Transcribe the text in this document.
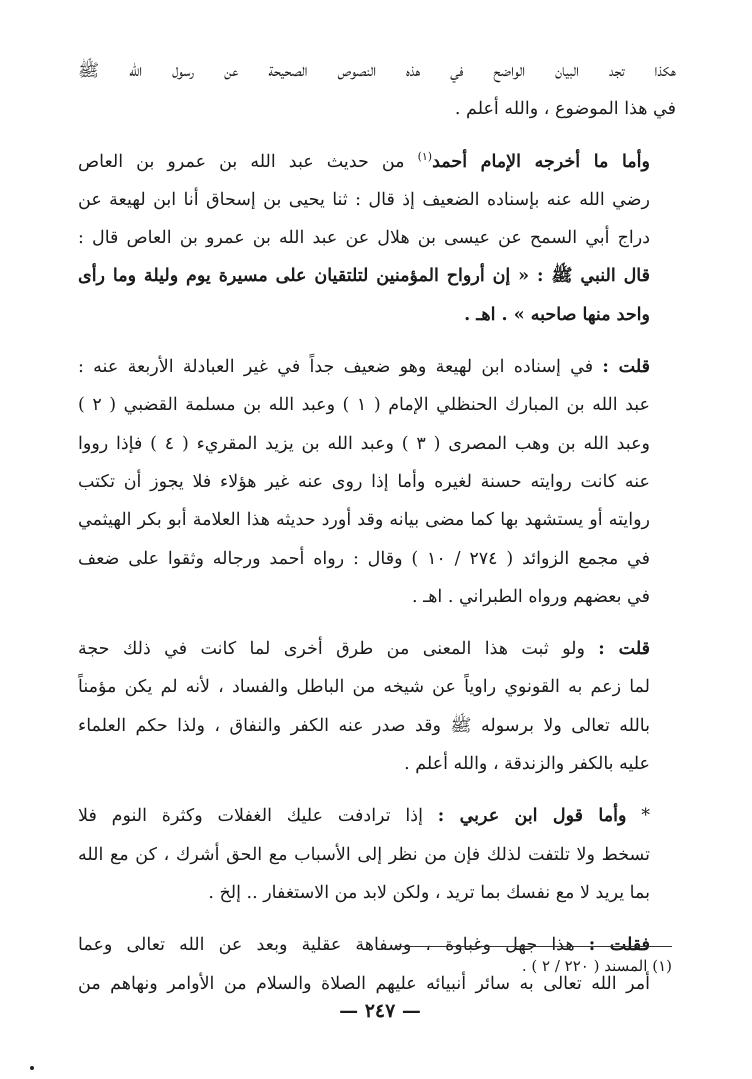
هكذا تجد البيان الواضح في هذه النصوص الصحيحة عن رسول الله ﷺ
في هذا الموضوع ، والله أعلم .
وأما ما أخرجه الإمام أحمد$^{(١)}$ من حديث عبد الله بن عمرو بن العاص
رضي الله عنه بإسناده الضعيف إذ قال : ثنا يحيى بن إسحاق أنا ابن لهيعة عن
دراج أبي السمح عن عيسى بن هلال عن عبد الله بن عمرو بن العاص قال :
قال النبي ﷺ : « إن أرواح المؤمنين لتلتقيان على مسيرة يوم وليلة وما رأى
واحد منها صاحبه » . اهـ .
قلت : في إسناده ابن لهيعة وهو ضعيف جداً في غير العبادلة الأربعة عنه :
عبد الله بن المبارك الحنظلي الإمام ( ١ ) وعبد الله بن مسلمة القضبي ( ٢ )
وعبد الله بن وهب المصرى ( ٣ ) وعبد الله بن يزيد المقريء ( ٤ ) فإذا رووا
عنه كانت روايته حسنة لغيره وأما إذا روى عنه غير هؤلاء فلا يجوز أن تكتب
روايته أو يستشهد بها كما مضى بيانه وقد أورد حديثه هذا العلامة أبو بكر الهيثمي
في مجمع الزوائد ( ٢٧٤ / ١٠ ) وقال : رواه أحمد ورجاله وثقوا على ضعف
في بعضهم ورواه الطبراني . اهـ .
قلت : ولو ثبت هذا المعنى من طرق أخرى لما كانت في ذلك حجة
لما زعم به القونوي راوياً عن شيخه من الباطل والفساد ، لأنه لم يكن مؤمناً
بالله تعالى ولا برسوله ﷺ وقد صدر عنه الكفر والنفاق ، ولذا حكم العلماء
عليه بالكفر والزندقة ، والله أعلم .
* وأما قول ابن عربي : إذا ترادفت عليك الغفلات وكثرة النوم فلا
تسخط ولا تلتفت لذلك فإن من نظر إلى الأسباب مع الحق أشرك ، كن مع الله
بما يريد لا مع نفسك بما تريد ، ولكن لابد من الاستغفار .. إلخ .
فقلت : هذا جهل وغباوة ، وسفاهة عقلية وبعد عن الله تعالى وعما
أمر الله تعالى به سائر أنبيائه عليهم الصلاة والسلام من الأوامر ونهاهم من
(١) المسند ( ٢٢٠ / ٢ ) .
— ٢٤٧ —
